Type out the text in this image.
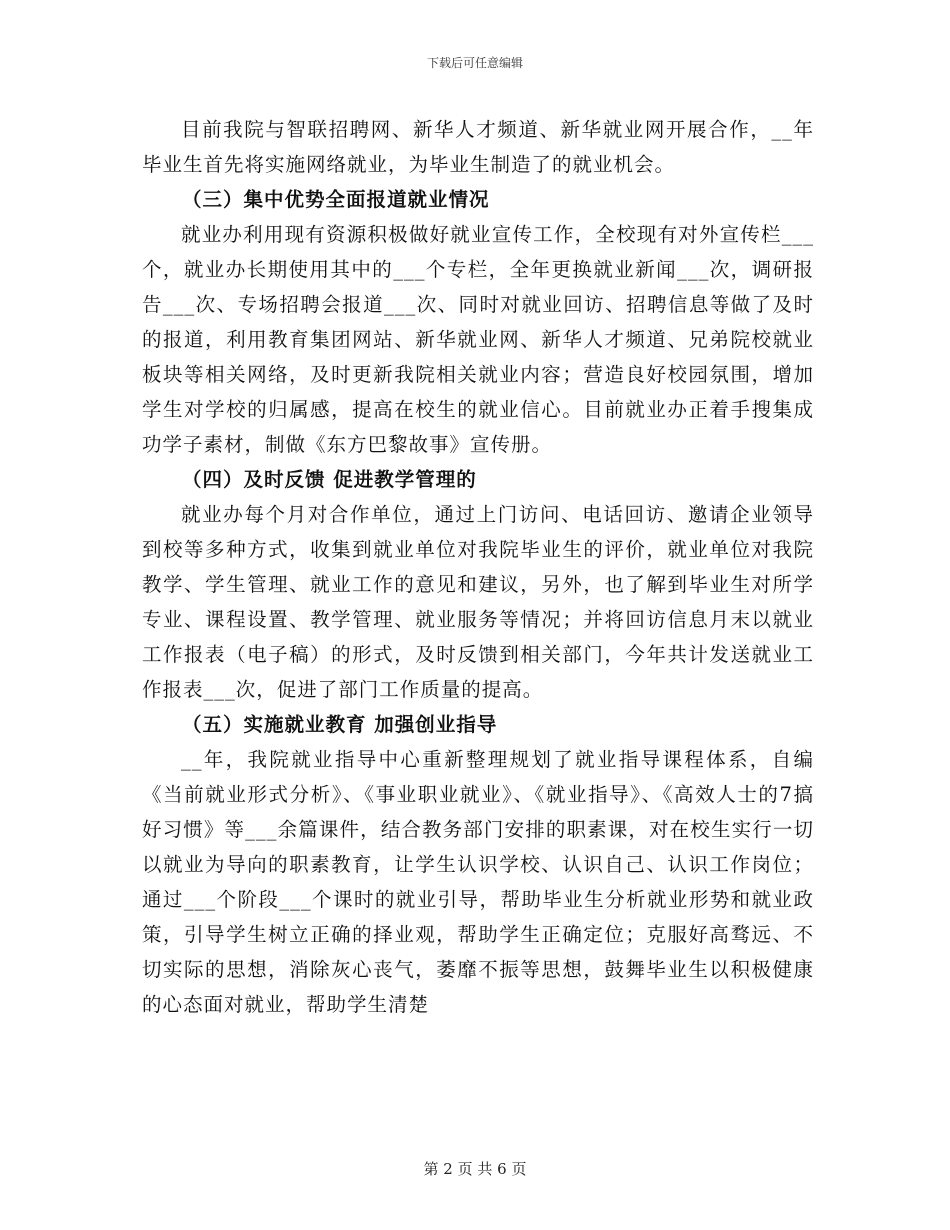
下载后可任意编辑

目前我院与智联招聘网、新华人才频道、新华就业网开展合作，__年毕业生首先将实施网络就业，为毕业生制造了的就业机会。

（三）集中优势全面报道就业情况

就业办利用现有资源积极做好就业宣传工作，全校现有对外宣传栏___个，就业办长期使用其中的___个专栏，全年更换就业新闻___次，调研报告___次、专场招聘会报道___次、同时对就业回访、招聘信息等做了及时的报道，利用教育集团网站、新华就业网、新华人才频道、兄弟院校就业板块等相关网络，及时更新我院相关就业内容；营造良好校园氛围，增加学生对学校的归属感，提高在校生的就业信心。目前就业办正着手搜集成功学子素材，制做《东方巴黎故事》宣传册。

（四）及时反馈 促进教学管理的

就业办每个月对合作单位，通过上门访问、电话回访、邀请企业领导到校等多种方式，收集到就业单位对我院毕业生的评价，就业单位对我院教学、学生管理、就业工作的意见和建议，另外，也了解到毕业生对所学专业、课程设置、教学管理、就业服务等情况；并将回访信息月末以就业工作报表（电子稿）的形式，及时反馈到相关部门，今年共计发送就业工作报表___次，促进了部门工作质量的提高。

（五）实施就业教育 加强创业指导

__年，我院就业指导中心重新整理规划了就业指导课程体系，自编《当前就业形式分析》、《事业职业就业》、《就业指导》、《高效人士的7搞好习惯》等___余篇课件，结合教务部门安排的职素课，对在校生实行一切以就业为导向的职素教育，让学生认识学校、认识自己、认识工作岗位；通过___个阶段___个课时的就业引导，帮助毕业生分析就业形势和就业政策，引导学生树立正确的择业观，帮助学生正确定位；克服好高骛远、不切实际的思想，消除灰心丧气，萎靡不振等思想，鼓舞毕业生以积极健康的心态面对就业，帮助学生清楚

第 2 页 共 6 页
